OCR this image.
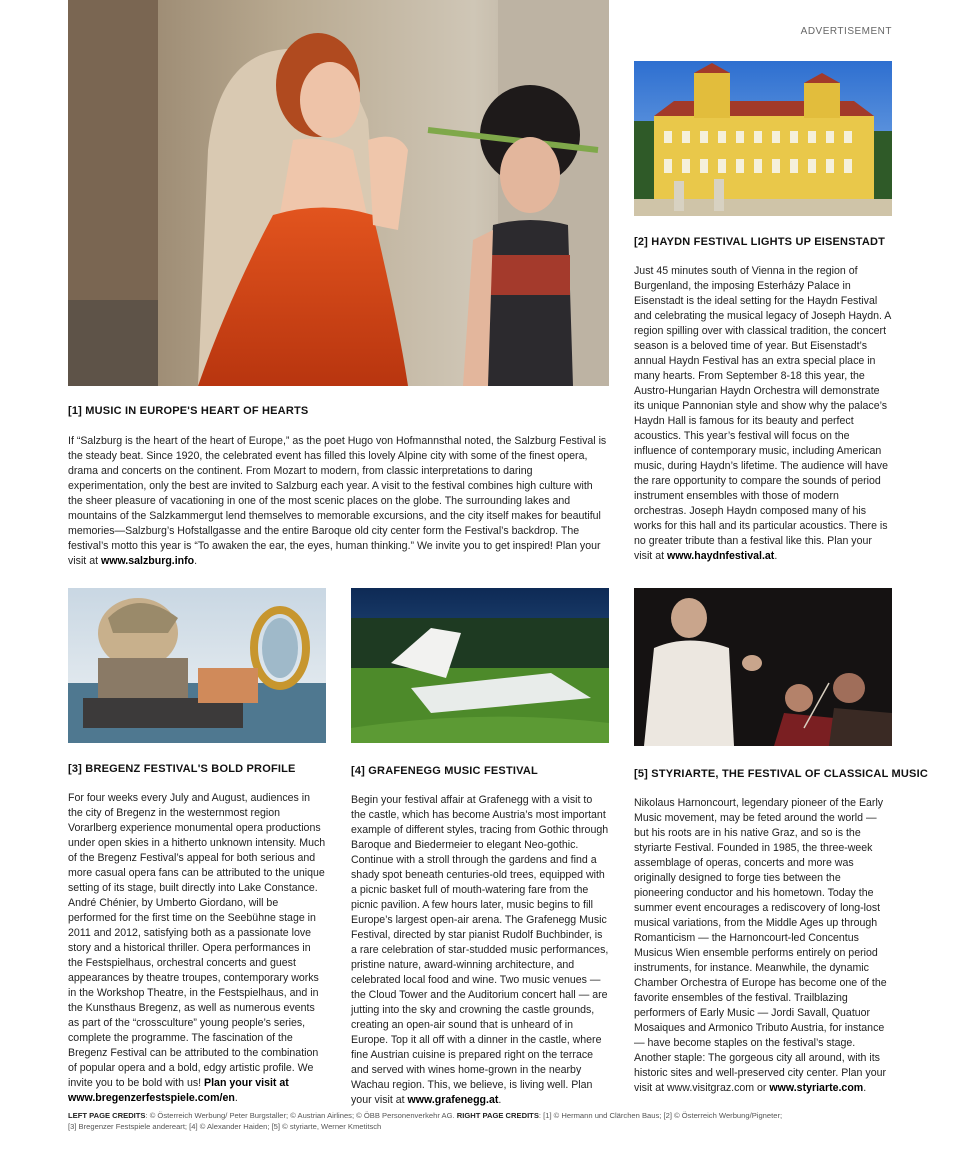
ADVERTISEMENT
[1] MUSIC IN EUROPE'S HEART OF HEARTS
If “Salzburg is the heart of the heart of Europe,” as the poet Hugo von Hofmannsthal noted, the Salzburg Festival is the steady beat. Since 1920, the celebrated event has filled this lovely Alpine city with some of the finest opera, drama and concerts on the continent. From Mozart to modern, from classic interpretations to daring experimentation, only the best are invited to Salzburg each year. A visit to the festival combines high culture with the sheer pleasure of vacationing in one of the most scenic places on the globe. The surrounding lakes and mountains of the Salzkammergut lend themselves to memorable excursions, and the city itself makes for beautiful memories—Salzburg’s Hofstallgasse and the entire Baroque old city center form the Festival’s backdrop. The festival’s motto this year is “To awaken the ear, the eyes, human thinking.” We invite you to get inspired! Plan your visit at www.salzburg.info.
[2] HAYDN FESTIVAL LIGHTS UP EISENSTADT
Just 45 minutes south of Vienna in the region of Burgenland, the imposing Esterházy Palace in Eisenstadt is the ideal setting for the Haydn Festival and celebrating the musical legacy of Joseph Haydn. A region spilling over with classical tradition, the concert season is a beloved time of year. But Eisenstadt’s annual Haydn Festival has an extra special place in many hearts. From September 8-18 this year, the Austro-Hungarian Haydn Orchestra will demonstrate its unique Pannonian style and show why the palace’s Haydn Hall is famous for its beauty and perfect acoustics. This year’s festival will focus on the influence of contemporary music, including American music, during Haydn’s lifetime. The audience will have the rare opportunity to compare the sounds of period instrument ensembles with those of modern orchestras. Joseph Haydn composed many of his works for this hall and its particular acoustics. There is no greater tribute than a festival like this. Plan your visit at www.haydnfestival.at.
[3] BREGENZ FESTIVAL'S BOLD PROFILE
For four weeks every July and August, audiences in the city of Bregenz in the westernmost region Vorarlberg experience monumental opera productions under open skies in a hitherto unknown intensity. Much of the Bregenz Festival’s appeal for both serious and more casual opera fans can be attributed to the unique setting of its stage, built directly into Lake Constance. André Chénier, by Umberto Giordano, will be performed for the first time on the Seebühne stage in 2011 and 2012, satisfying both as a passionate love story and a historical thriller. Opera performances in the Festspielhaus, orchestral concerts and guest appearances by theatre troupes, contemporary works in the Workshop Theatre, in the Festspielhaus, and in the Kunsthaus Bregenz, as well as numerous events as part of the “crossculture” young people’s series, complete the programme. The fascination of the Bregenz Festival can be attributed to the combination of popular opera and a bold, edgy artistic profile. We invite you to be bold with us! Plan your visit at www.bregenzerfestspiele.com/en.
[4] GRAFENEGG MUSIC FESTIVAL
Begin your festival affair at Grafenegg with a visit to the castle, which has become Austria’s most important example of different styles, tracing from Gothic through Baroque and Biedermeier to elegant Neo-gothic. Continue with a stroll through the gardens and find a shady spot beneath centuries-old trees, equipped with a picnic basket full of mouth-watering fare from the picnic pavilion. A few hours later, music begins to fill Europe’s largest open-air arena. The Grafenegg Music Festival, directed by star pianist Rudolf Buchbinder, is a rare celebration of star-studded music performances, pristine nature, award-winning architecture, and celebrated local food and wine. Two music venues — the Cloud Tower and the Auditorium concert hall — are jutting into the sky and crowning the castle grounds, creating an open-air sound that is unheard of in Europe. Top it all off with a dinner in the castle, where fine Austrian cuisine is prepared right on the terrace and served with wines home-grown in the nearby Wachau region. This, we believe, is living well. Plan your visit at www.grafenegg.at.
[5] STYRIARTE, THE FESTIVAL OF CLASSICAL MUSIC
Nikolaus Harnoncourt, legendary pioneer of the Early Music movement, may be feted around the world — but his roots are in his native Graz, and so is the styriarte Festival. Founded in 1985, the three-week assemblage of operas, concerts and more was originally designed to forge ties between the pioneering conductor and his hometown. Today the summer event encourages a rediscovery of long-lost musical variations, from the Middle Ages up through Romanticism — the Harnoncourt-led Concentus Musicus Wien ensemble performs entirely on period instruments, for instance. Meanwhile, the dynamic Chamber Orchestra of Europe has become one of the favorite ensembles of the festival. Trailblazing performers of Early Music — Jordi Savall, Quatuor Mosaiques and Armonico Tributo Austria, for instance — have become staples on the festival’s stage. Another staple: The gorgeous city all around, with its historic sites and well-preserved city center. Plan your visit at www.visitgraz.com or www.styriarte.com.
LEFT PAGE CREDITS: © Österreich Werbung/ Peter Burgstaller; © Austrian Airlines; © ÖBB Personenverkehr AG. RIGHT PAGE CREDITS: [1] © Hermann und Clärchen Baus; [2] © Österreich Werbung/Pigneter;
[3] Bregenzer Festspiele andereart; [4] © Alexander Haiden; [5] © styriarte, Werner Kmetitsch
